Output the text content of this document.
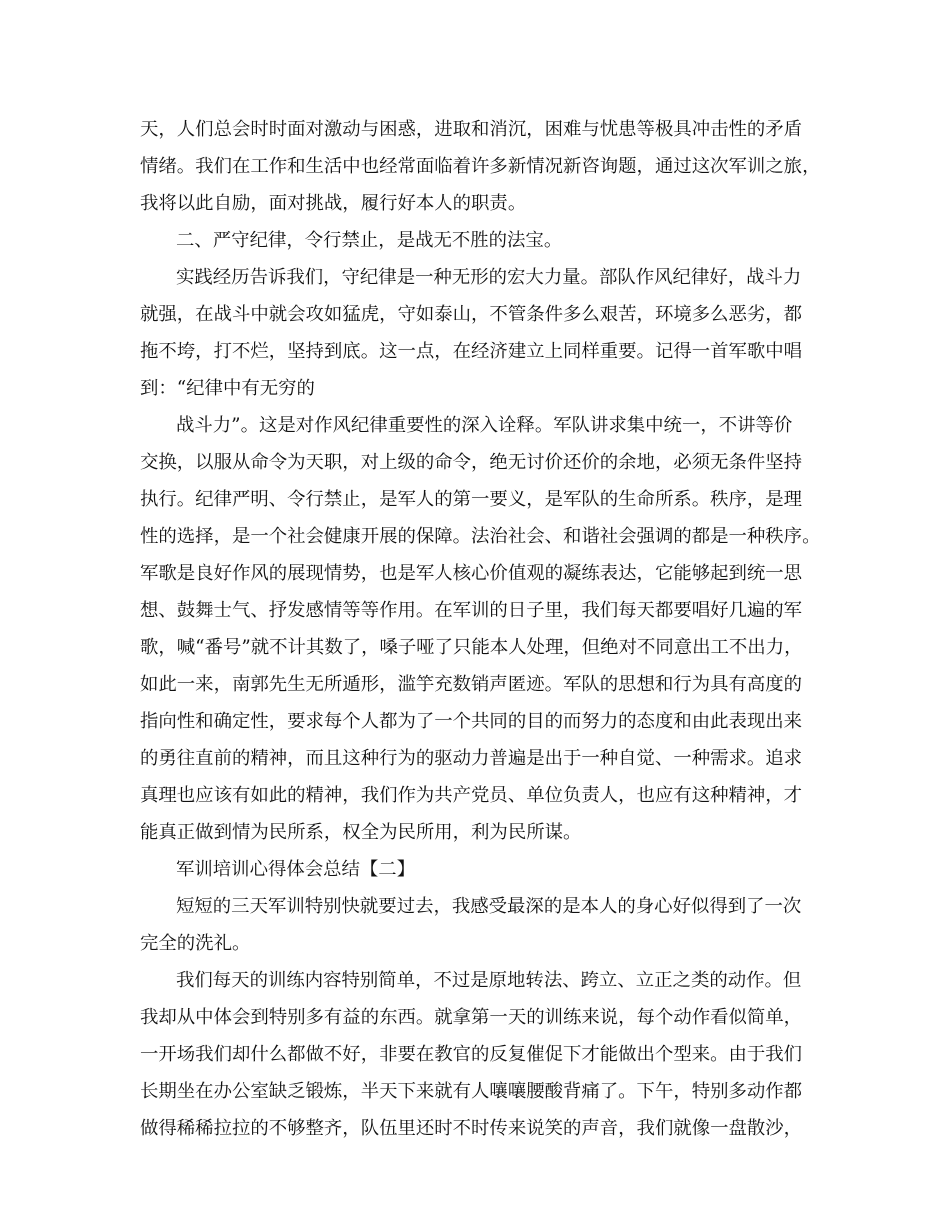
天，人们总会时时面对激动与困惑，进取和消沉，困难与忧患等极具冲击性的矛盾
情绪。我们在工作和生活中也经常面临着许多新情况新咨询题，通过这次军训之旅，
我将以此自励，面对挑战，履行好本人的职责。
二、严守纪律，令行禁止，是战无不胜的法宝。
实践经历告诉我们，守纪律是一种无形的宏大力量。部队作风纪律好，战斗力
就强，在战斗中就会攻如猛虎，守如泰山，不管条件多么艰苦，环境多么恶劣，都
拖不垮，打不烂，坚持到底。这一点，在经济建立上同样重要。记得一首军歌中唱
到：“纪律中有无穷的
战斗力”。这是对作风纪律重要性的深入诠释。军队讲求集中统一，不讲等价
交换，以服从命令为天职，对上级的命令，绝无讨价还价的余地，必须无条件坚持
执行。纪律严明、令行禁止，是军人的第一要义，是军队的生命所系。秩序，是理
性的选择，是一个社会健康开展的保障。法治社会、和谐社会强调的都是一种秩序。
军歌是良好作风的展现情势，也是军人核心价值观的凝练表达，它能够起到统一思
想、鼓舞士气、抒发感情等等作用。在军训的日子里，我们每天都要唱好几遍的军
歌，喊“番号”就不计其数了，嗓子哑了只能本人处理，但绝对不同意出工不出力，
如此一来，南郭先生无所遁形，滥竽充数销声匿迹。军队的思想和行为具有高度的
指向性和确定性，要求每个人都为了一个共同的目的而努力的态度和由此表现出来
的勇往直前的精神，而且这种行为的驱动力普遍是出于一种自觉、一种需求。追求
真理也应该有如此的精神，我们作为共产党员、单位负责人，也应有这种精神，才
能真正做到情为民所系，权全为民所用，利为民所谋。
军训培训心得体会总结【二】
短短的三天军训特别快就要过去，我感受最深的是本人的身心好似得到了一次
完全的洗礼。
我们每天的训练内容特别简单，不过是原地转法、跨立、立正之类的动作。但
我却从中体会到特别多有益的东西。就拿第一天的训练来说，每个动作看似简单，
一开场我们却什么都做不好，非要在教官的反复催促下才能做出个型来。由于我们
长期坐在办公室缺乏锻炼，半天下来就有人嚷嚷腰酸背痛了。下午，特别多动作都
做得稀稀拉拉的不够整齐，队伍里还时不时传来说笑的声音，我们就像一盘散沙，
